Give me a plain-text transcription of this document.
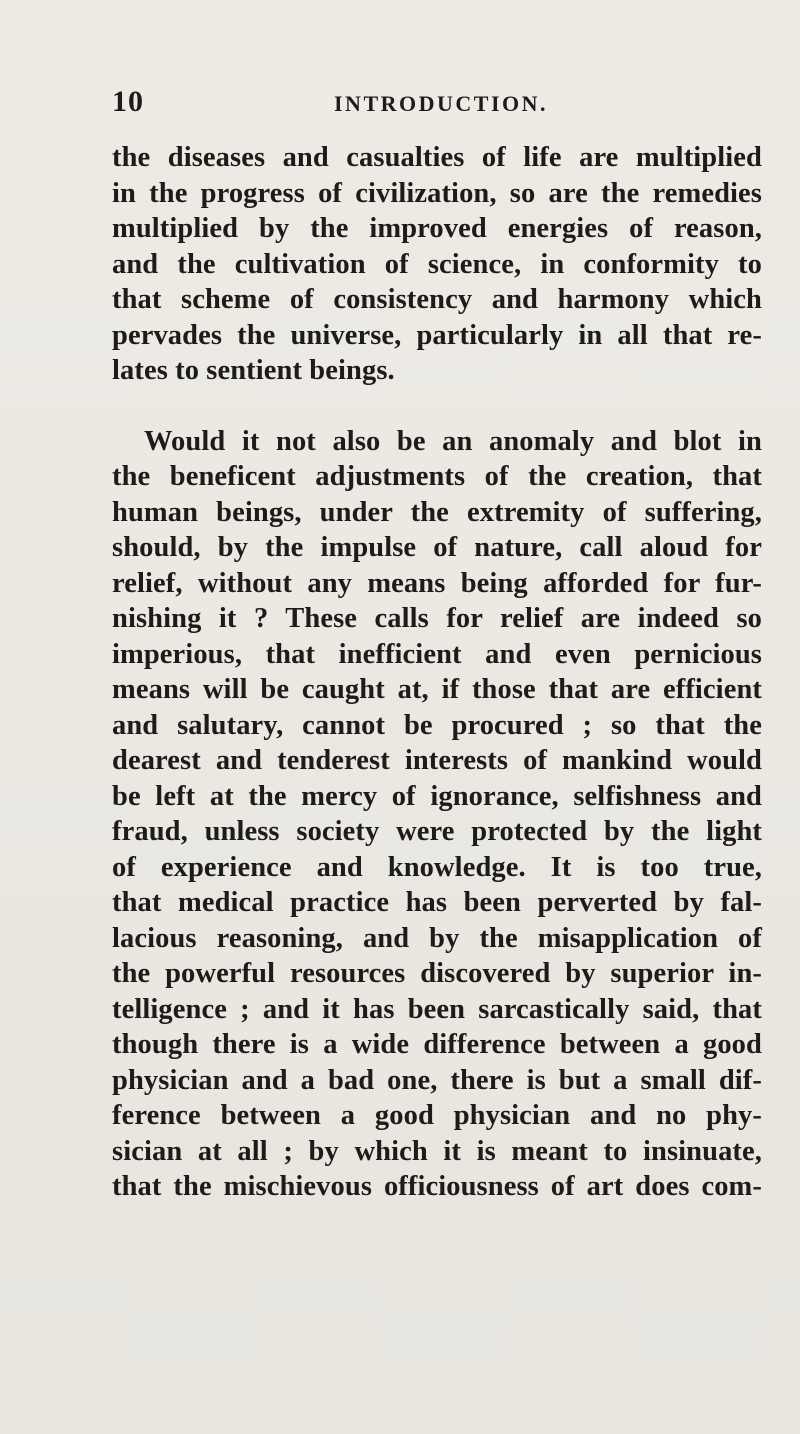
10	INTRODUCTION.
the diseases and casualties of life are multiplied
in the progress of civilization, so are the remedies
multiplied by the improved energies of reason,
and the cultivation of science, in conformity to
that scheme of consistency and harmony which
pervades the universe, particularly in all that re-
lates to sentient beings.
Would it not also be an anomaly and blot in
the beneficent adjustments of the creation, that
human beings, under the extremity of suffering,
should, by the impulse of nature, call aloud for
relief, without any means being afforded for fur-
nishing it ? These calls for relief are indeed so
imperious, that inefficient and even pernicious
means will be caught at, if those that are efficient
and salutary, cannot be procured ; so that the
dearest and tenderest interests of mankind would
be left at the mercy of ignorance, selfishness and
fraud, unless society were protected by the light
of experience and knowledge. It is too true,
that medical practice has been perverted by fal-
lacious reasoning, and by the misapplication of
the powerful resources discovered by superior in-
telligence ; and it has been sarcastically said, that
though there is a wide difference between a good
physician and a bad one, there is but a small dif-
ference between a good physician and no phy-
sician at all ; by which it is meant to insinuate,
that the mischievous officiousness of art does com-
